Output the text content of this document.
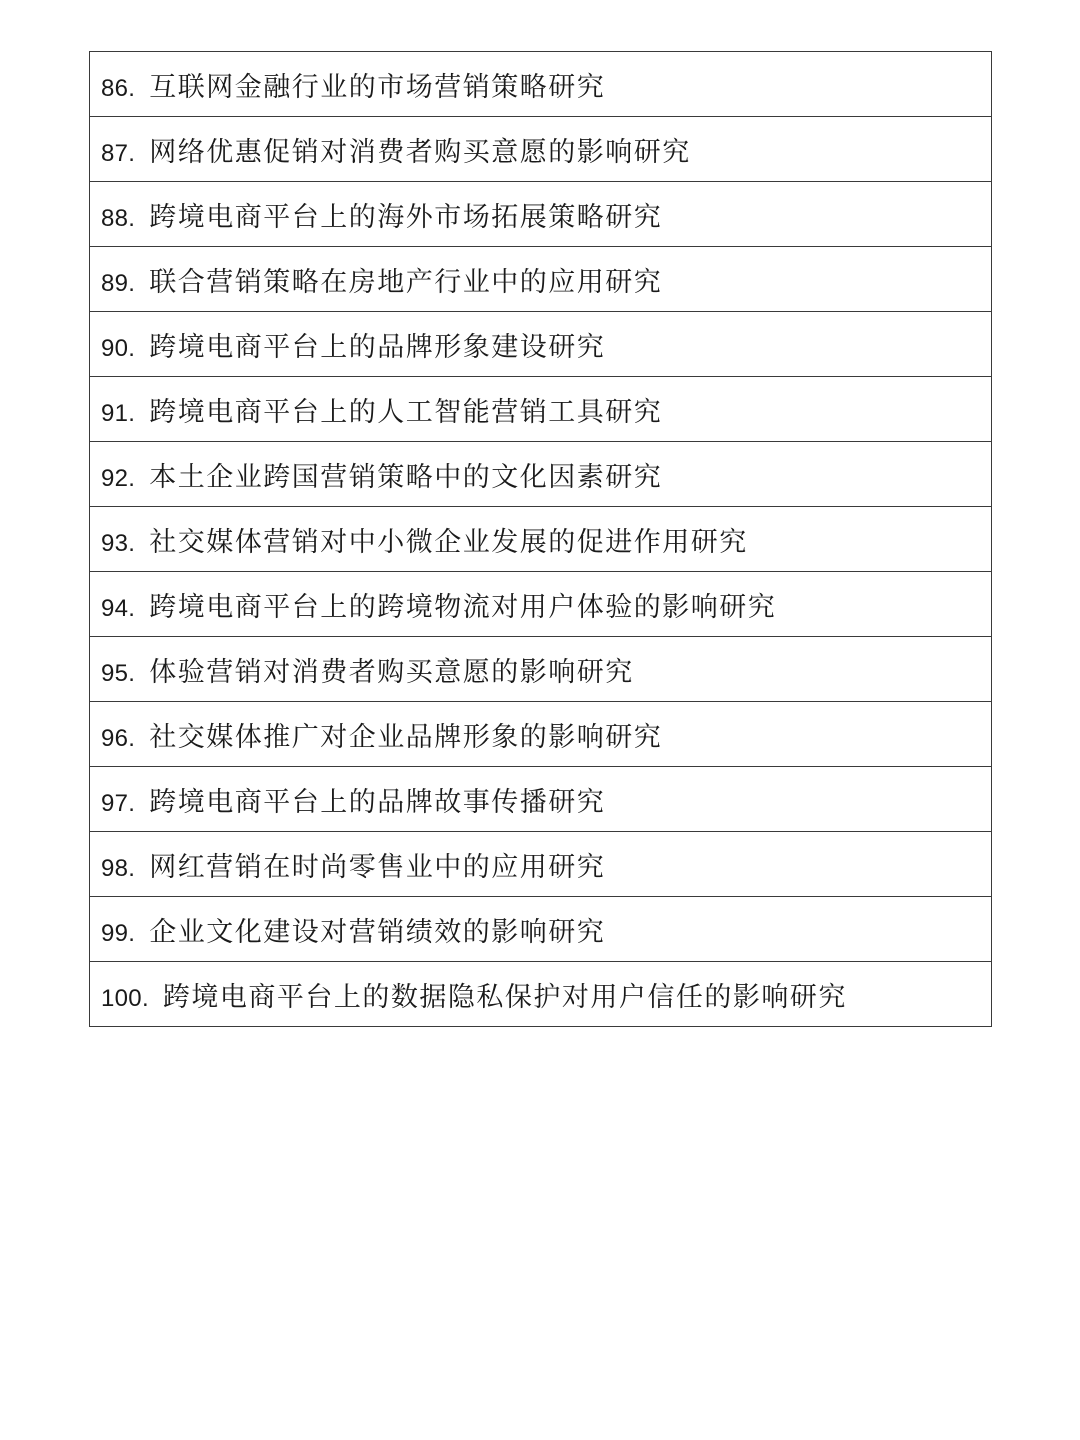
86. 互联网金融行业的市场营销策略研究
87. 网络优惠促销对消费者购买意愿的影响研究
88. 跨境电商平台上的海外市场拓展策略研究
89. 联合营销策略在房地产行业中的应用研究
90. 跨境电商平台上的品牌形象建设研究
91. 跨境电商平台上的人工智能营销工具研究
92. 本土企业跨国营销策略中的文化因素研究
93. 社交媒体营销对中小微企业发展的促进作用研究
94. 跨境电商平台上的跨境物流对用户体验的影响研究
95. 体验营销对消费者购买意愿的影响研究
96. 社交媒体推广对企业品牌形象的影响研究
97. 跨境电商平台上的品牌故事传播研究
98. 网红营销在时尚零售业中的应用研究
99. 企业文化建设对营销绩效的影响研究
100. 跨境电商平台上的数据隐私保护对用户信任的影响研究
